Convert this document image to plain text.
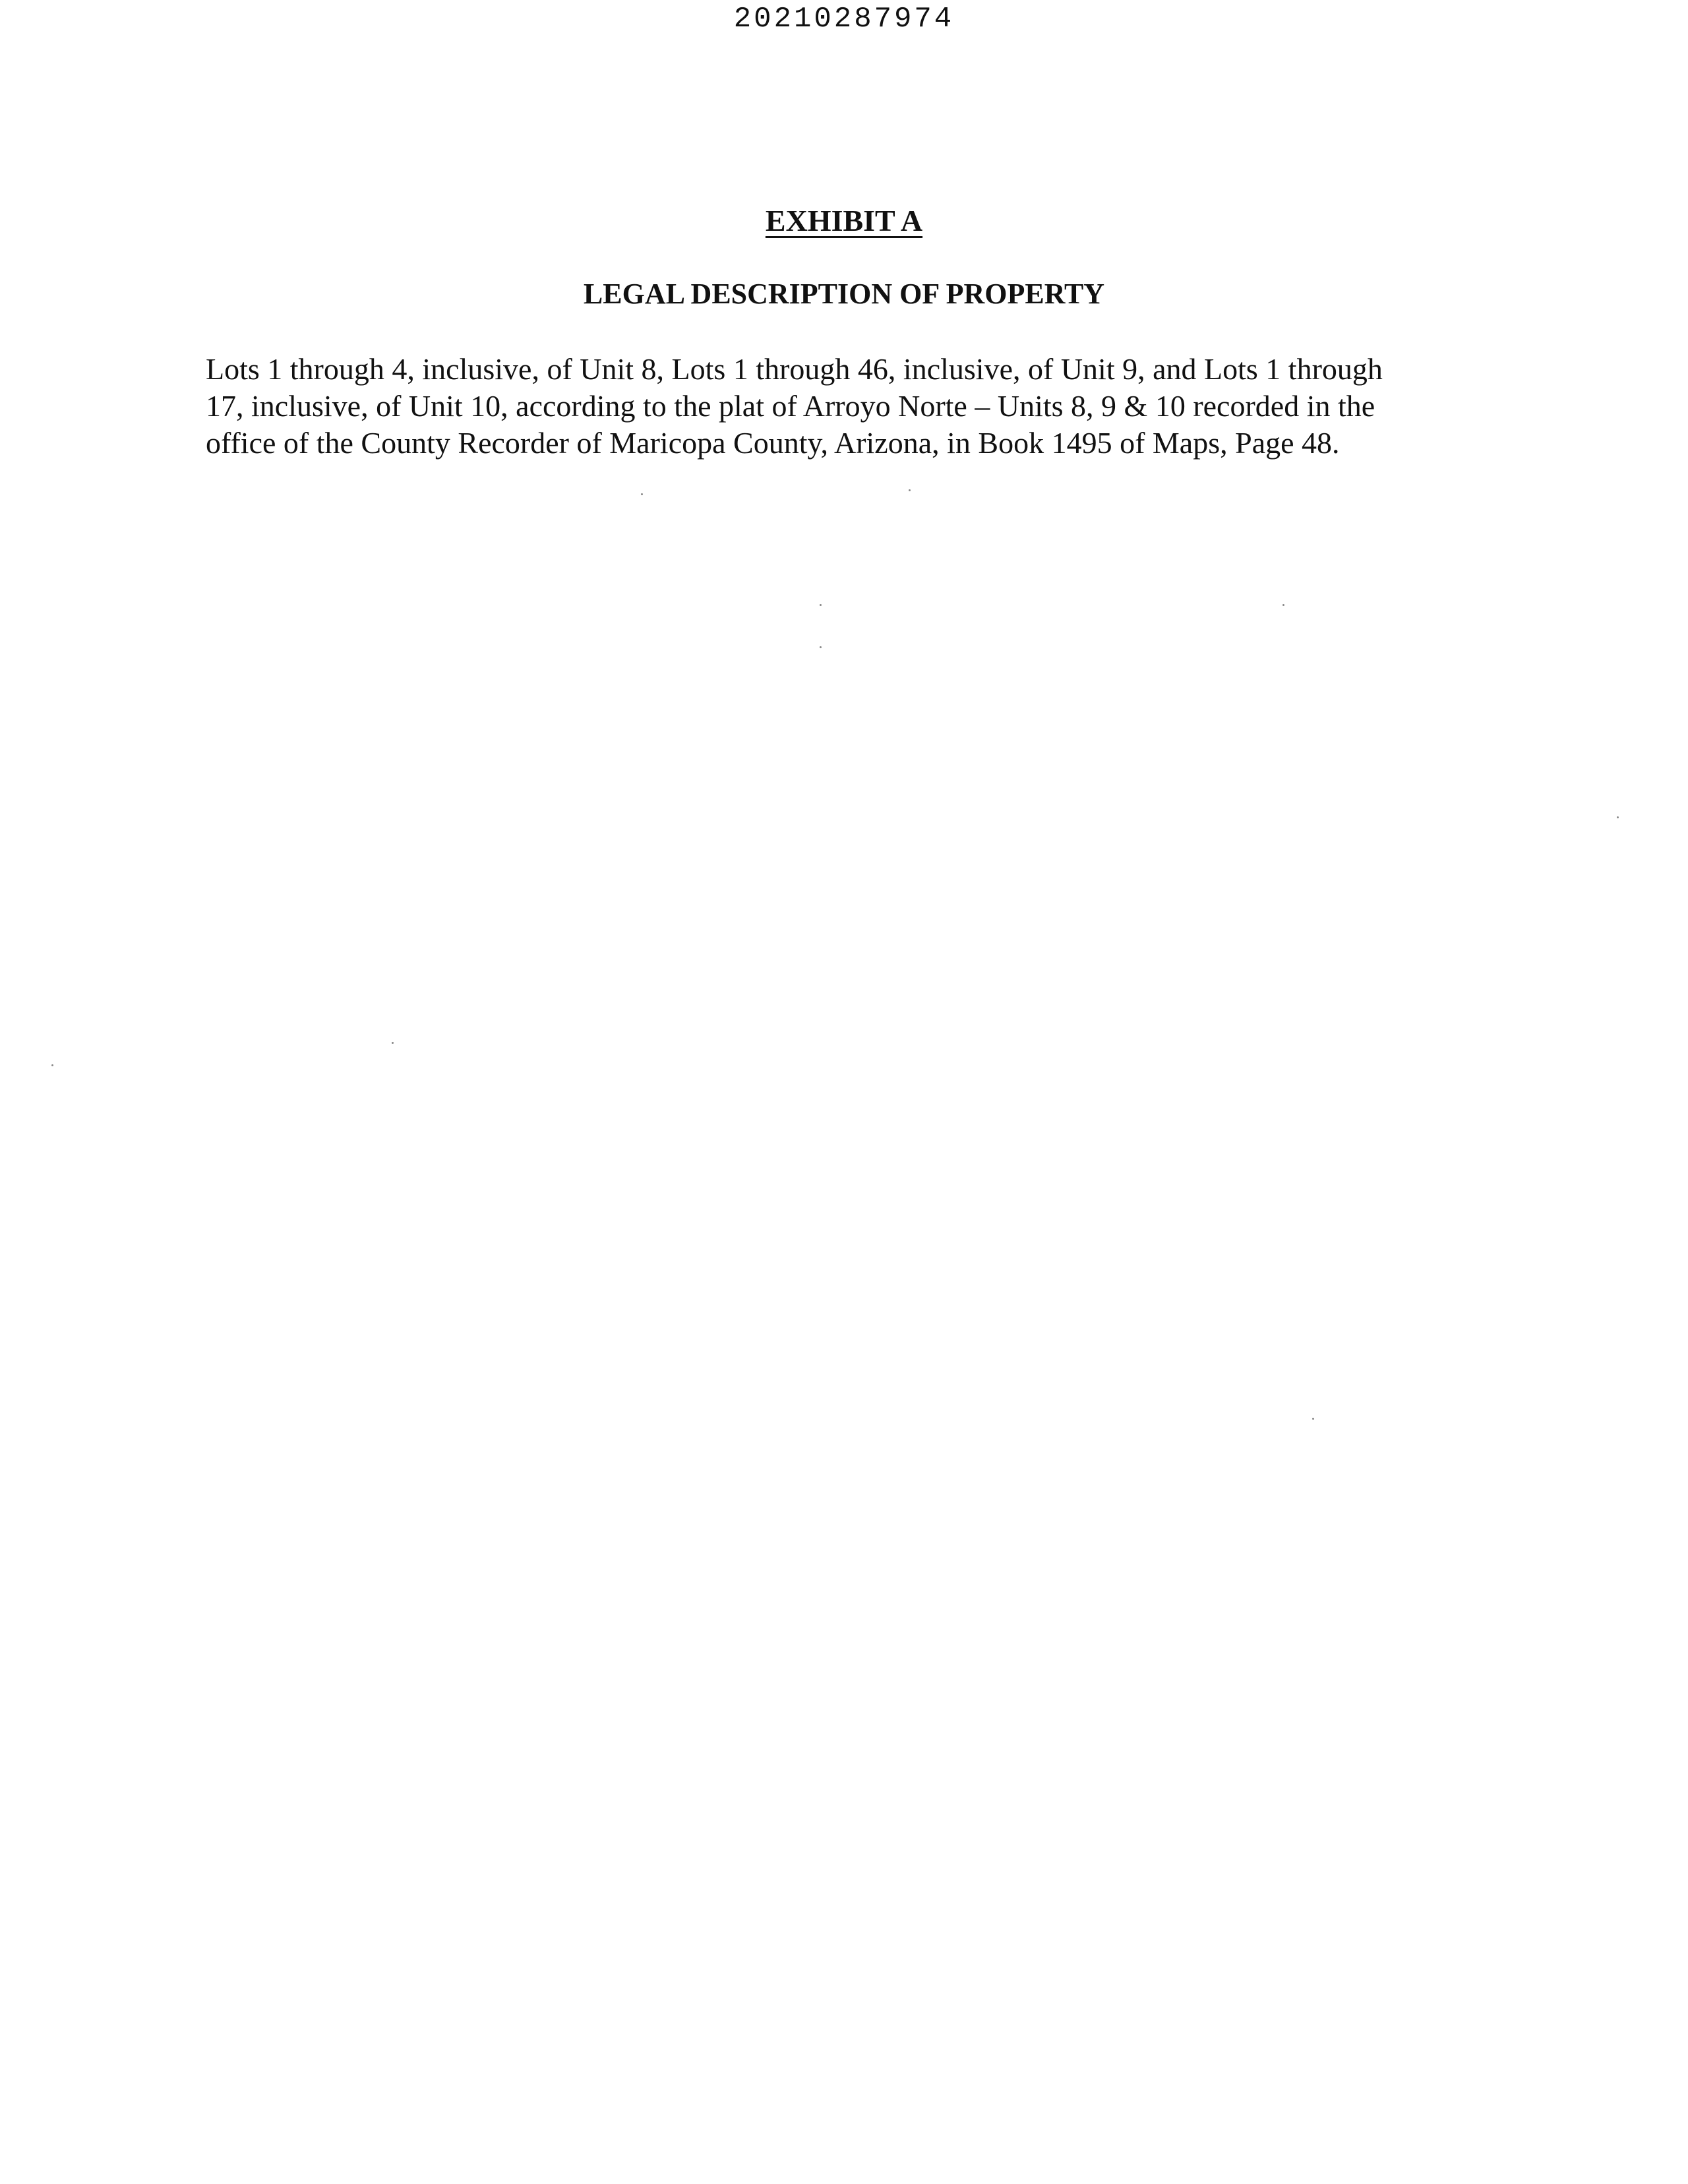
20210287974
EXHIBIT A
LEGAL DESCRIPTION OF PROPERTY
Lots 1 through 4, inclusive, of Unit 8, Lots 1 through 46, inclusive, of Unit 9, and Lots 1 through
17, inclusive, of Unit 10, according to the plat of Arroyo Norte – Units 8, 9 & 10 recorded in the
office of the County Recorder of Maricopa County, Arizona, in Book 1495 of Maps, Page 48.
